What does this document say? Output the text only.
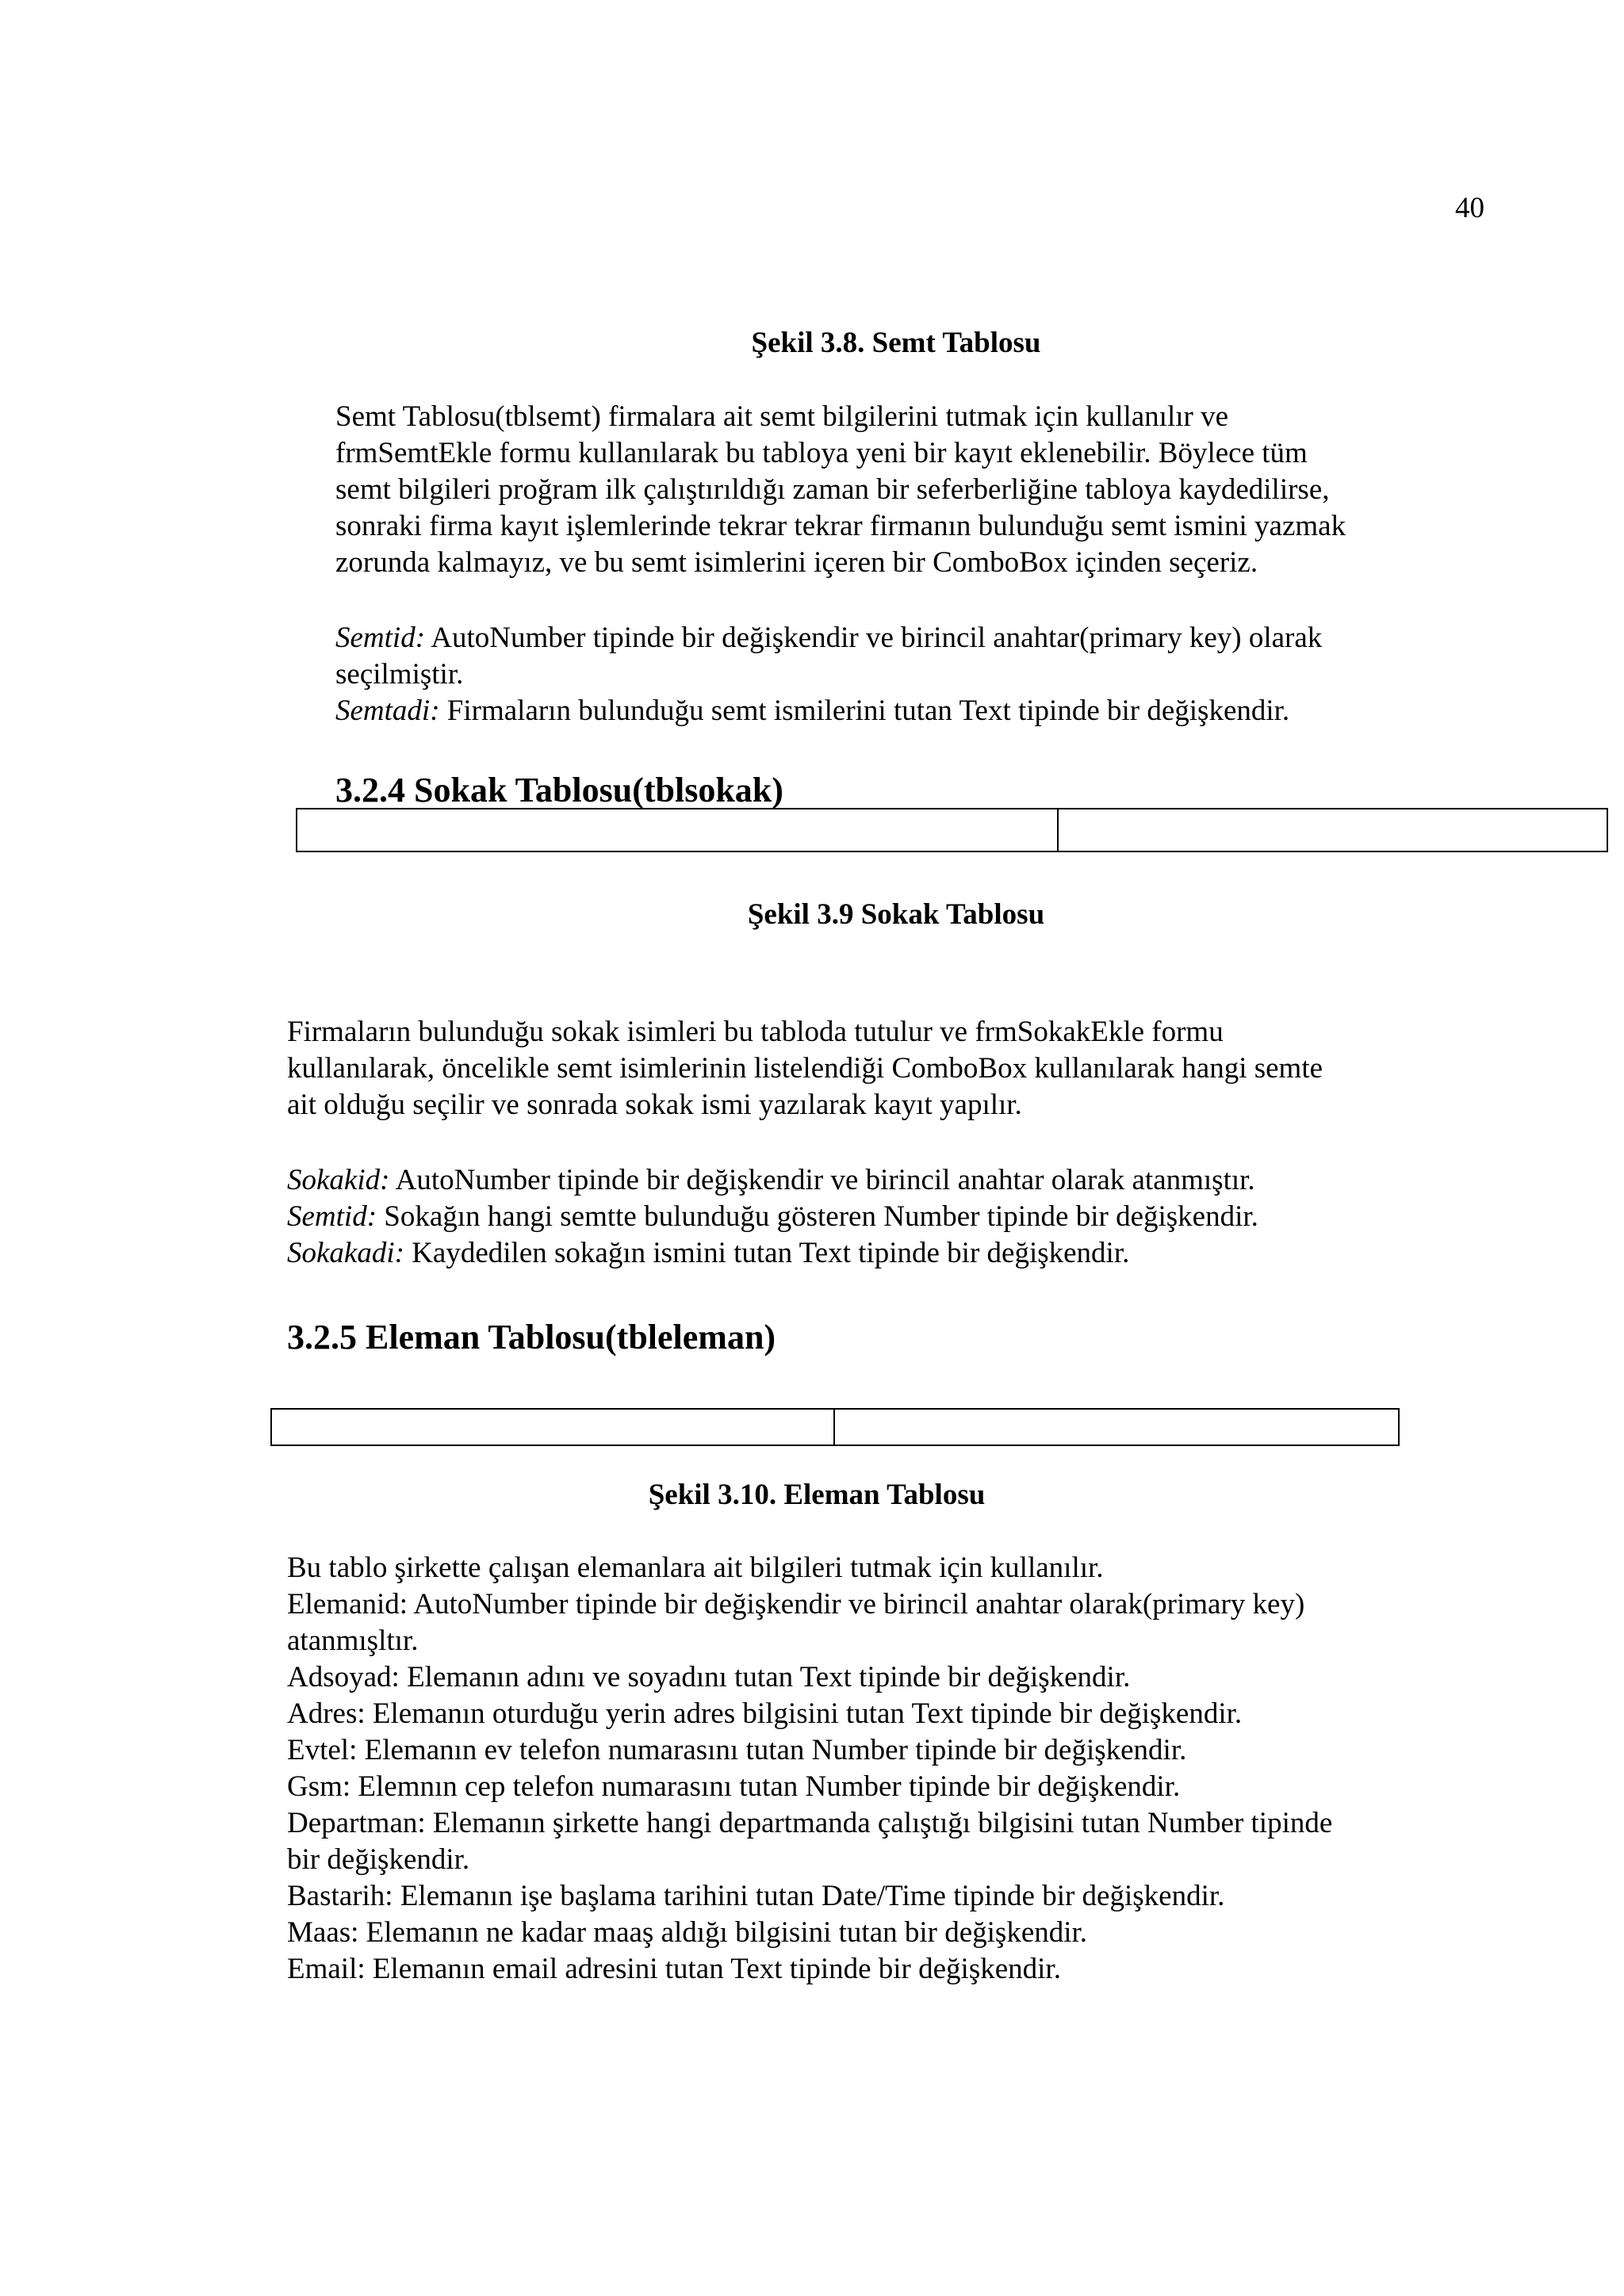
40
Şekil 3.8. Semt Tablosu

Semt Tablosu(tblsemt) firmalara ait semt bilgilerini tutmak için kullanılır ve

frmSemtEkle formu kullanılarak bu tabloya yeni bir kayıt eklenebilir. Böylece tüm

semt bilgileri proğram ilk çalıştırıldığı zaman bir seferberliğine tabloya kaydedilirse,

sonraki firma kayıt işlemlerinde tekrar tekrar firmanın bulunduğu semt ismini yazmak

zorunda kalmayız, ve bu semt isimlerini içeren bir ComboBox içinden seçeriz.

Semtid: AutoNumber tipinde bir değişkendir ve birincil anahtar(primary key) olarak

seçilmiştir.

Semtadi: Firmaların bulunduğu semt ismilerini tutan Text tipinde bir değişkendir.

3.2.4 Sokak Tablosu(tblsokak)
Şekil 3.9 Sokak Tablosu

Firmaların bulunduğu sokak isimleri bu tabloda tutulur ve frmSokakEkle formu

kullanılarak, öncelikle semt isimlerinin listelendiği ComboBox kullanılarak hangi semte

ait olduğu seçilir ve sonrada sokak ismi yazılarak kayıt yapılır.

Sokakid: AutoNumber tipinde bir değişkendir ve birincil anahtar olarak atanmıştır.

Semtid: Sokağın hangi semtte bulunduğu gösteren Number tipinde bir değişkendir.

Sokakadi: Kaydedilen sokağın ismini tutan Text tipinde bir değişkendir.

3.2.5 Eleman Tablosu(tbleleman)
Şekil 3.10. Eleman Tablosu

Bu tablo şirkette çalışan elemanlara ait bilgileri tutmak için kullanılır.

Elemanid: AutoNumber tipinde bir değişkendir ve birincil anahtar olarak(primary key)

atanmışltır.

Adsoyad: Elemanın adını ve soyadını tutan Text tipinde bir değişkendir.

Adres: Elemanın oturduğu yerin adres bilgisini tutan Text tipinde bir değişkendir.

Evtel: Elemanın ev telefon numarasını tutan Number tipinde bir değişkendir.

Gsm: Elemnın cep telefon numarasını tutan Number tipinde bir değişkendir.

Departman: Elemanın şirkette hangi departmanda çalıştığı bilgisini tutan Number tipinde

bir değişkendir.

Bastarih: Elemanın işe başlama tarihini tutan Date/Time tipinde bir değişkendir.

Maas: Elemanın ne kadar maaş aldığı bilgisini tutan bir değişkendir.

Email: Elemanın email adresini tutan Text tipinde bir değişkendir.
